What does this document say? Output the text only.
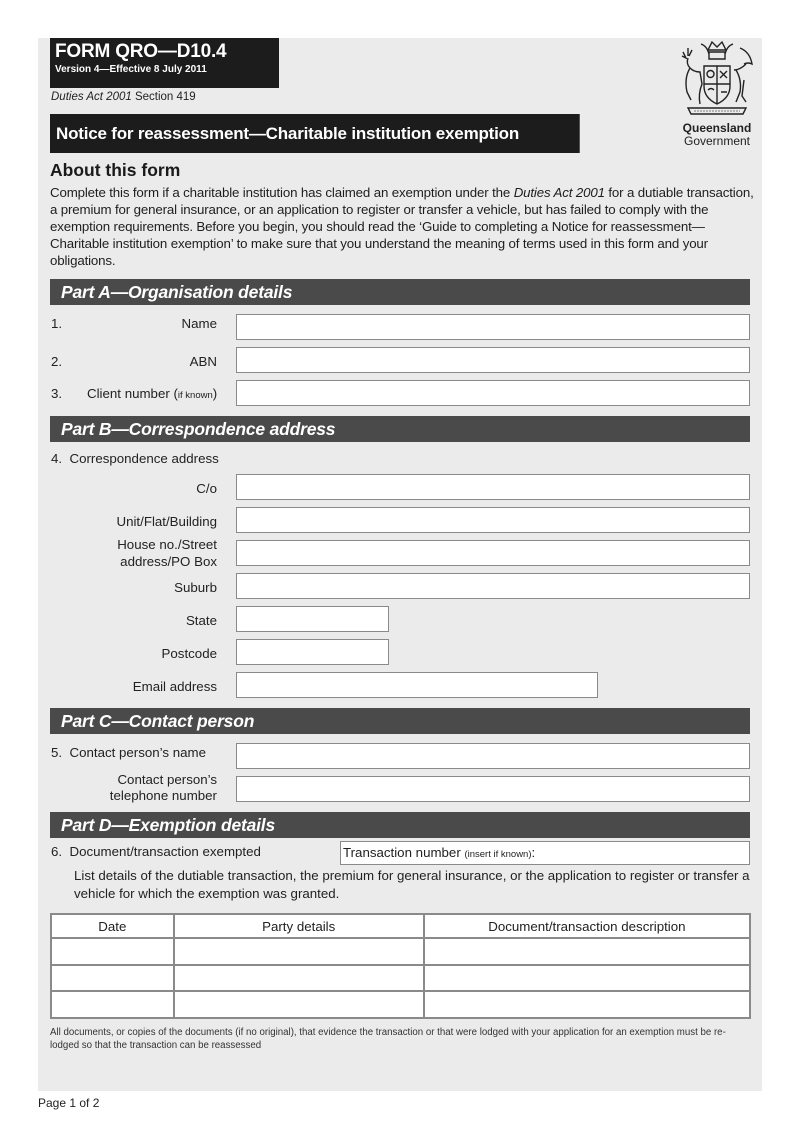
FORM QRO—D10.4
Version 4—Effective 8 July 2011
Duties Act 2001 Section 419
Notice for reassessment—Charitable institution exemption	Queensland
Government
About this form
Complete this form if a charitable institution has claimed an exemption under the Duties Act 2001 for a dutiable transaction, a premium for general insurance, or an application to register or transfer a vehicle, but has failed to comply with the exemption requirements. Before you begin, you should read the ‘Guide to completing a Notice for reassessment—Charitable institution exemption’ to make sure that you understand the meaning of terms used in this form and your obligations.
Part A—Organisation details
1.	Name
2.	ABN
3. Client number (if known)
Part B—Correspondence address
4.  Correspondence address
C/o
Unit/Flat/Building
House no./Street
address/PO Box
Suburb
State
Postcode
Email address
Part C—Contact person
5.  Contact person’s name
Contact person’s
telephone number
Part D—Exemption details
6.  Document/transaction exempted	Transaction number (insert if known):
List details of the dutiable transaction, the premium for general insurance, or the application to register or transfer a vehicle for which the exemption was granted.
Date	Party details	Document/transaction description

All documents, or copies of the documents (if no original), that evidence the transaction or that were lodged with your application for an exemption must be re-lodged so that the transaction can be reassessed
Page 1 of 2
